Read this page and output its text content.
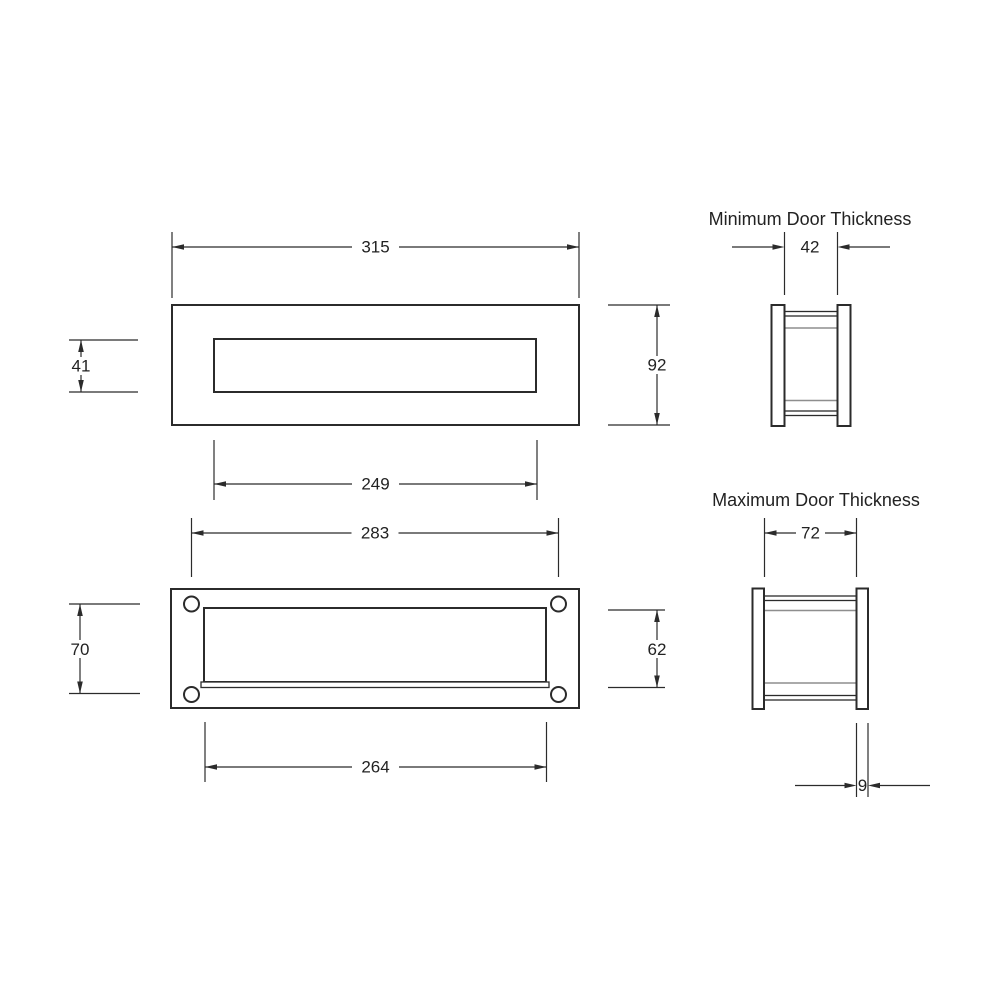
315
92
41
249
283
70	62
264
Minimum Door Thickness
42
Maximum Door Thickness
72
9
